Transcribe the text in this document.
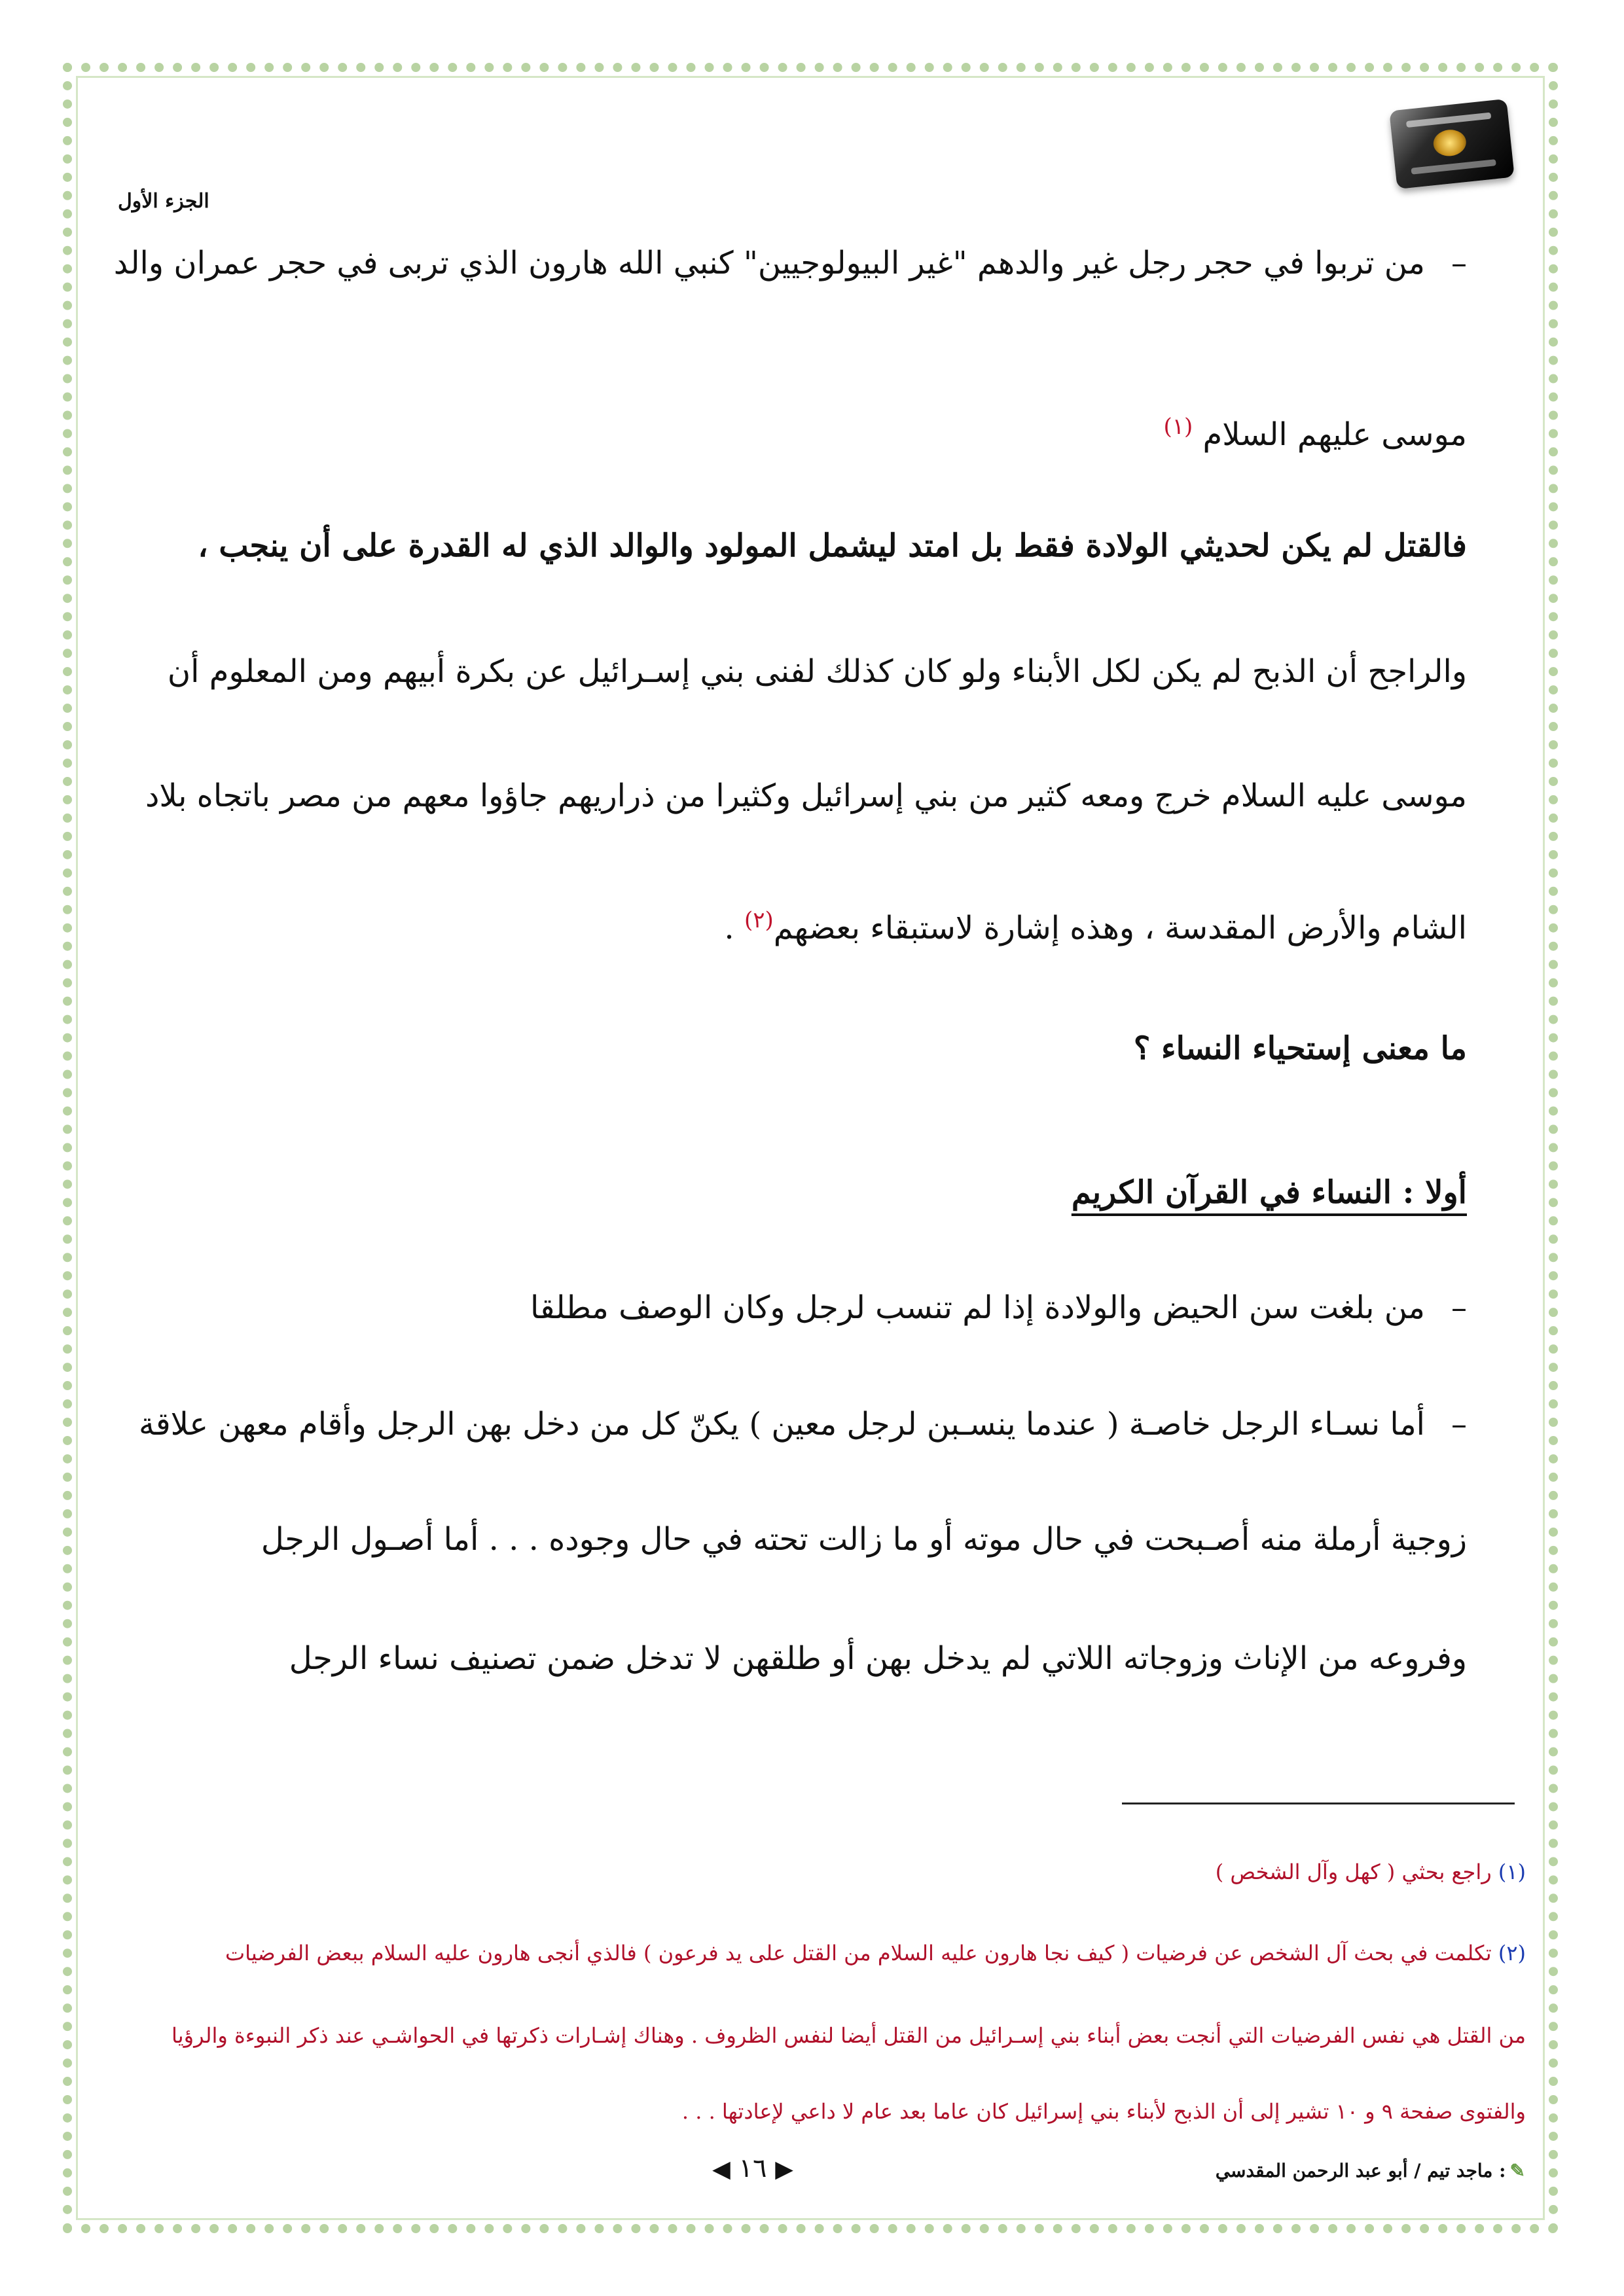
الجزء الأول
–من تربوا في حجر رجل غير والدهم "غير البيولوجيين" كنبي الله هارون الذي تربى في حجر عمران والد
موسى عليهم السلام $^{(١)}$
فالقتل لم يكن لحديثي الولادة فقط بل امتد ليشمل المولود والوالد الذي له القدرة على أن ينجب ،
والراجح أن الذبح لم يكن لكل الأبناء ولو كان كذلك لفنى بني إسـرائيل عن بكرة أبيهم ومن المعلوم أن
موسى عليه السلام خرج ومعه كثير من بني إسرائيل وكثيرا من ذراريهم جاؤوا معهم من مصر باتجاه بلاد
الشام والأرض المقدسة ، وهذه إشارة لاستبقاء بعضهم$^{(٢)}$ .
ما معنى إستحياء النساء ؟
أولا : النساء في القرآن الكريم
–من بلغت سن الحيض والولادة إذا لم تنسب لرجل وكان الوصف مطلقا
–أما نسـاء الرجل خاصـة ( عندما ينسـبن لرجل معين ) يكنّ كل من دخل بهن الرجل وأقام معهن علاقة
زوجية أرملة منه أصـبحت في حال موته أو ما زالت تحته في حال وجوده . . . أما أصـول الرجل
وفروعه من الإناث وزوجاته اللاتي لم يدخل بهن أو طلقهن لا تدخل ضمن تصنيف نساء الرجل
(١) راجع بحثي ( كهل وآل الشخص )
(٢) تكلمت في بحث آل الشخص عن فرضيات ( كيف نجا هارون عليه السلام من القتل على يد فرعون ) فالذي أنجى هارون عليه السلام ببعض الفرضيات
من القتل هي نفس الفرضيات التي أنجت بعض أبناء بني إسـرائيل من القتل أيضا لنفس الظروف . وهناك إشـارات ذكرتها في الحواشـي عند ذكر النبوءة والرؤيا
والفتوى صفحة ٩ و ١٠ تشير إلى أن الذبح لأبناء بني إسرائيل كان عاما بعد عام لا داعي لإعادتها . . .
◀ ١٦ ▶	✎: ماجد تيم / أبو عبد الرحمن المقدسي
